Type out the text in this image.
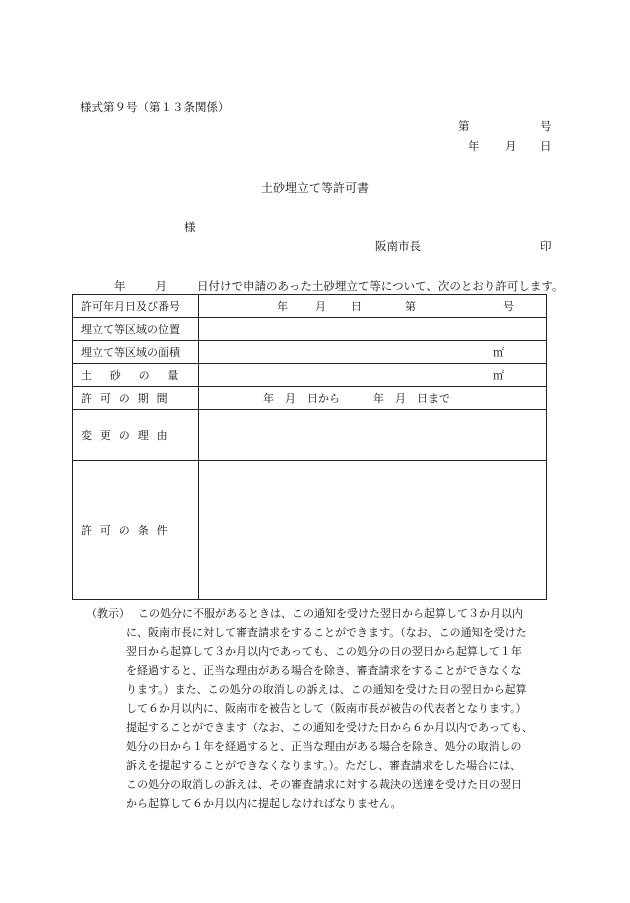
様式第９号（第１３条関係）
第	号
年 月 日
土砂埋立て等許可書
様
阪南市長	印
年	月	日付けで申請のあった土砂埋立て等について、次のとおり許可します。
許可年月日及び番号	年 月 日 第 号

埋立て等区域の位置	
埋立て等区域の面積	㎡

土 砂 の 量	㎡

許 可 の 期 間	年　月　日から　　　年　月　日まで

変 更 の 理 由	
許 可 の 条 件	
（教示） この処分に不服があるときは、この通知を受けた翌日から起算して３か月以内

に、阪南市長に対して審査請求をすることができます。（なお、この通知を受けた

翌日から起算して３か月以内であっても、この処分の日の翌日から起算して１年

を経過すると、正当な理由がある場合を除き、審査請求をすることができなくな

ります。）また、この処分の取消しの訴えは、この通知を受けた日の翌日から起算

して６か月以内に、阪南市を被告として（阪南市長が被告の代表者となります。）

提起することができます（なお、この通知を受けた日から６か月以内であっても、

処分の日から１年を経過すると、正当な理由がある場合を除き、処分の取消しの

訴えを提起することができなくなります。）。ただし、審査請求をした場合には、

この処分の取消しの訴えは、その審査請求に対する裁決の送達を受けた日の翌日

から起算して６か月以内に提起しなければなりません。
